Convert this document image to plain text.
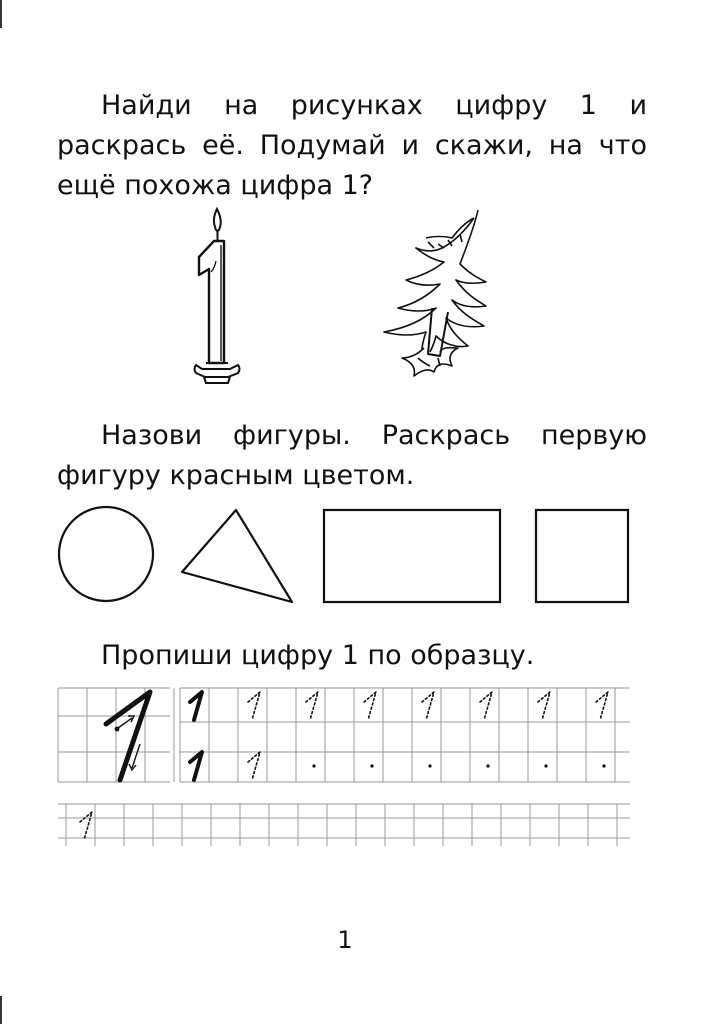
Найди на рисунках цифру 1 и раскрась её. Подумай и скажи, на что ещё похожа цифра 1?

Назови фигуры. Раскрась первую фигуру красным цветом.

Пропиши цифру 1 по образцу.

1
